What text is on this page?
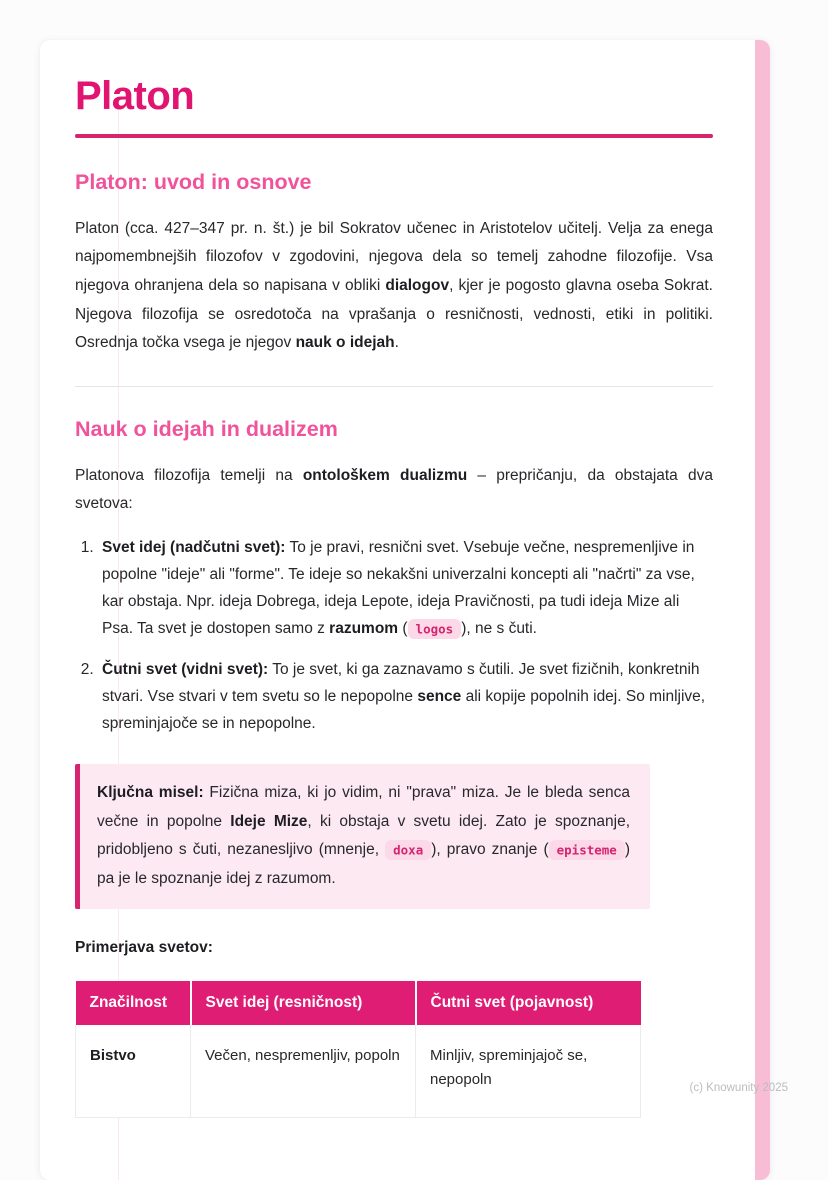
Platon
Platon: uvod in osnove

Platon (cca. 427–347 pr. n. št.) je bil Sokratov učenec in Aristotelov učitelj. Velja za enega najpomembnejših filozofov v zgodovini, njegova dela so temelj zahodne filozofije. Vsa njegova ohranjena dela so napisana v obliki dialogov, kjer je pogosto glavna oseba Sokrat. Njegova filozofija se osredotoča na vprašanja o resničnosti, vednosti, etiki in politiki. Osrednja točka vsega je njegov nauk o idejah.

Nauk o idejah in dualizem

Platonova filozofija temelji na ontološkem dualizmu – prepričanju, da obstajata dva svetova:

1. Svet idej (nadčutni svet): To je pravi, resnični svet. Vsebuje večne, nespremenljive in popolne "ideje" ali "forme". Te ideje so nekakšni univerzalni koncepti ali "načrti" za vse, kar obstaja. Npr. ideja Dobrega, ideja Lepote, ideja Pravičnosti, pa tudi ideja Mize ali Psa. Ta svet je dostopen samo z razumom ( logos ), ne s čuti.
2. Čutni svet (vidni svet): To je svet, ki ga zaznavamo s čutili. Je svet fizičnih, konkretnih stvari. Vse stvari v tem svetu so le nepopolne sence ali kopije popolnih idej. So minljive, spreminjajoče se in nepopolne.
Ključna misel: Fizična miza, ki jo vidim, ni "prava" miza. Je le bleda senca večne in popolne Ideje Mize, ki obstaja v svetu idej. Zato je spoznanje, pridobljeno s čuti, nezanesljivo (mnenje, doxa ), pravo znanje ( episteme ) pa je le spoznanje idej z razumom.

Primerjava svetov:

Značilnost	Svet idej (resničnost)	Čutni svet (pojavnost)
Bistvo	Večen, nespremenljiv, popoln	Minljiv, spreminjajoč se, nepopoln
(c) Knowunity 2025
